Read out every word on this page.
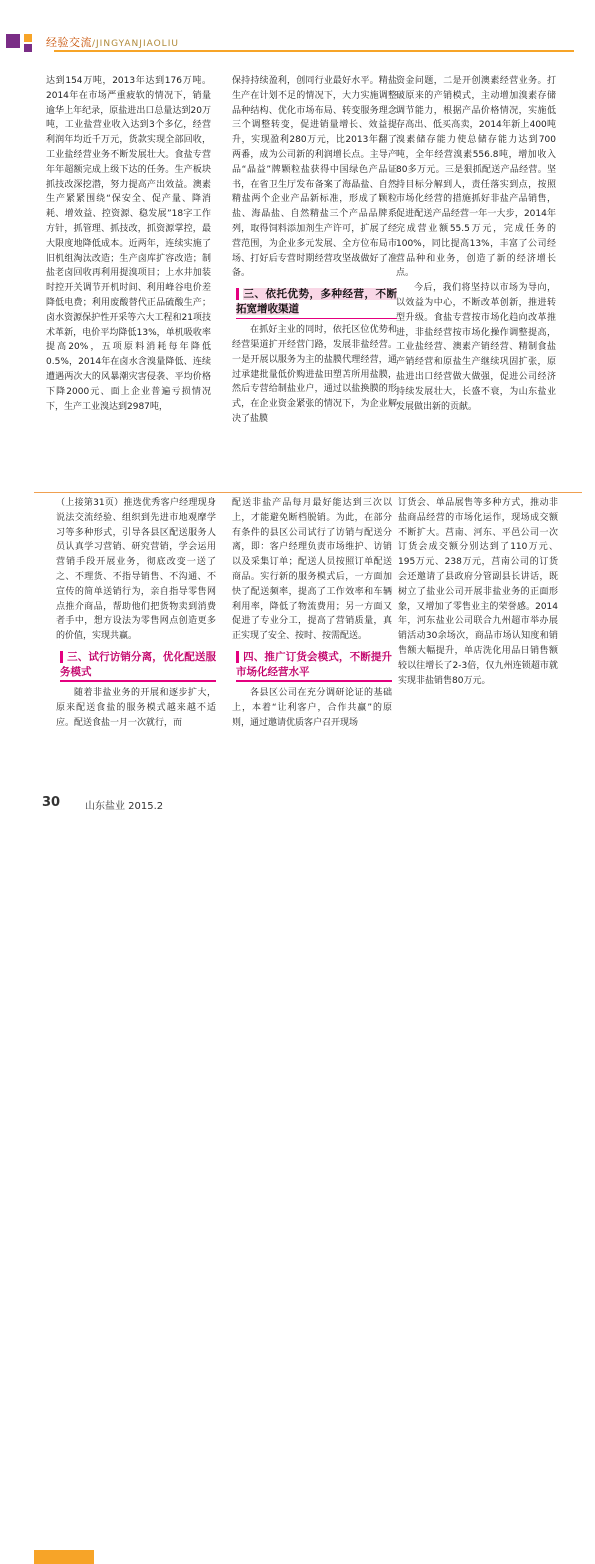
经验交流/JINGYANJIAOLIU

达到154万吨，2013年达到176万吨。2014年在市场严重疲软的情况下，销量逾华上年纪录，原盐进出口总量达到20万吨，工业盐营业收入达到3个多亿，经营利润年均近千万元，货款实现全部回收，工业盐经营业务不断发展壮大。食盐专营年年超额完成上级下达的任务。生产板块抓技改深挖潜，努力提高产出效益。澳素生产紧紧围绕“保安全、促产量、降消耗、增效益、控资源、稳发展”18字工作方针，抓管理、抓技改，抓资源掌控，最大限度地降低成本。近两年，连续实施了旧机组淘汰改造；生产卤库扩容改造；制盐老卤回收再利用提溴项目；上水井加装时控开关调节开机时间、利用峰谷电价差降低电费；利用废酸替代正品硫酸生产；卤水资源保护性开采等六大工程和21项技术革新，电价平均降低13%，单机吸收率提高20%，五项原料消耗每年降低0.5%，2014年在卤水含溴量降低、连续遭遇两次大的风暴潮灾害侵袭、平均价格下降2000元、面上企业普遍亏损情况下，生产工业溴达到2987吨，

保持持续盈利，创同行业最好水平。精盐生产在计划不足的情况下，大力实施调整品种结构、优化市场布局、转变服务理念三个调整转变，促进销量增长、效益提升，实现盈利280万元，比2013年翻了两番，成为公司新的利润增长点。主导产品“晶益”牌颗粒盐获得中国绿色产品证书，在省卫生厅发布备案了海晶盐、自然精盐两个企业产品新标准，形成了颗粒盐、海晶盐、自然精盐三个产品品牌系列，取得饲料添加剂生产许可，扩展了经营范围，为企业多元发展、全方位布局市场、打好后专营时期经营攻坚战做好了准备。

三、依托优势，多种经营，不断拓宽增收渠道

在抓好主业的同时，依托区位优势和经营渠道扩开经营门路，发展非盐经营。一是开展以服务为主的盐膜代理经营，通过承建批量低价购进盐田塑苫所用盐膜，然后专营给制盐业户，通过以盐换膜的形式，在企业资金紧张的情况下，为企业解决了盐膜

资金问题，二是开创澳素经营业务。打破原来的产销模式，主动增加溴素存储调节能力，根据产品价格情况，实施低存高出、低买高卖，2014年新上400吨溴素储存能力使总储存能力达到700吨，全年经营溴素556.8吨，增加收入80多万元。三是狠抓配送产品经营。坚持目标分解到人，责任落实到点，按照市场化经营的措施抓好非盐产品销售，促进配送产品经营一年一大步，2014年完成营业额55.5万元，完成任务的100%，同比提高13%，丰富了公司经营品种和业务，创造了新的经济增长点。

今后，我们将坚持以市场为导向，以效益为中心，不断改革创新，推进转型升级。食盐专营按市场化趋向改革推进，非盐经营按市场化操作调整提高，工业盐经营、澳素产销经营、精制食盐产销经营和原盐生产继续巩固扩张，原盐进出口经营做大做强，促进公司经济持续发展壮大，长盛不衰，为山东盐业发展做出新的贡献。

（上接第31页）推选优秀客户经理现身说法交流经验、组织到先进市地观摩学习等多种形式，引导各县区配送服务人员认真学习营销、研究营销，学会运用营销手段开展业务，彻底改变一送了之、不理货、不指导销售、不沟通、不宣传的简单送销行为，亲自指导零售网点推介商品，帮助他们把货物卖到消费者手中，想方设法为零售网点创造更多的价值，实现共赢。

三、试行访销分离，优化配送服务模式

随着非盐业务的开展和逐步扩大，原来配送食盐的服务模式越来越不适应。配送食盐一月一次就行，而

配送非盐产品每月最好能达到三次以上，才能避免断档脱销。为此，在部分有条件的县区公司试行了访销与配送分离，即：客户经理负责市场维护、访销以及采集订单；配送人员按照订单配送商品。实行新的服务模式后，一方面加快了配送频率，提高了工作效率和车辆利用率，降低了物流费用；另一方面又促进了专业分工，提高了营销质量，真正实现了安全、按时、按需配送。

四、推广订货会模式，不断提升市场化经营水平

各县区公司在充分调研论证的基础上，本着“让利客户，合作共赢”的原则，通过邀请优质客户召开现场

订货会、单品展售等多种方式，推动非盐商品经营的市场化运作，现场成交额不断扩大。莒南、河东、平邑公司一次订货会成交额分别达到了110万元、195万元、238万元，莒南公司的订货会还邀请了县政府分管副县长讲话，既树立了盐业公司开展非盐业务的正面形象，又增加了零售业主的荣誉感。2014年，河东盐业公司联合九州超市举办展销活动30余场次，商品市场认知度和销售额大幅提升，单店洗化用品日销售额较以往增长了2-3倍，仅九州连锁超市就实现非盐销售80万元。

30 山东盐业 2015.2
